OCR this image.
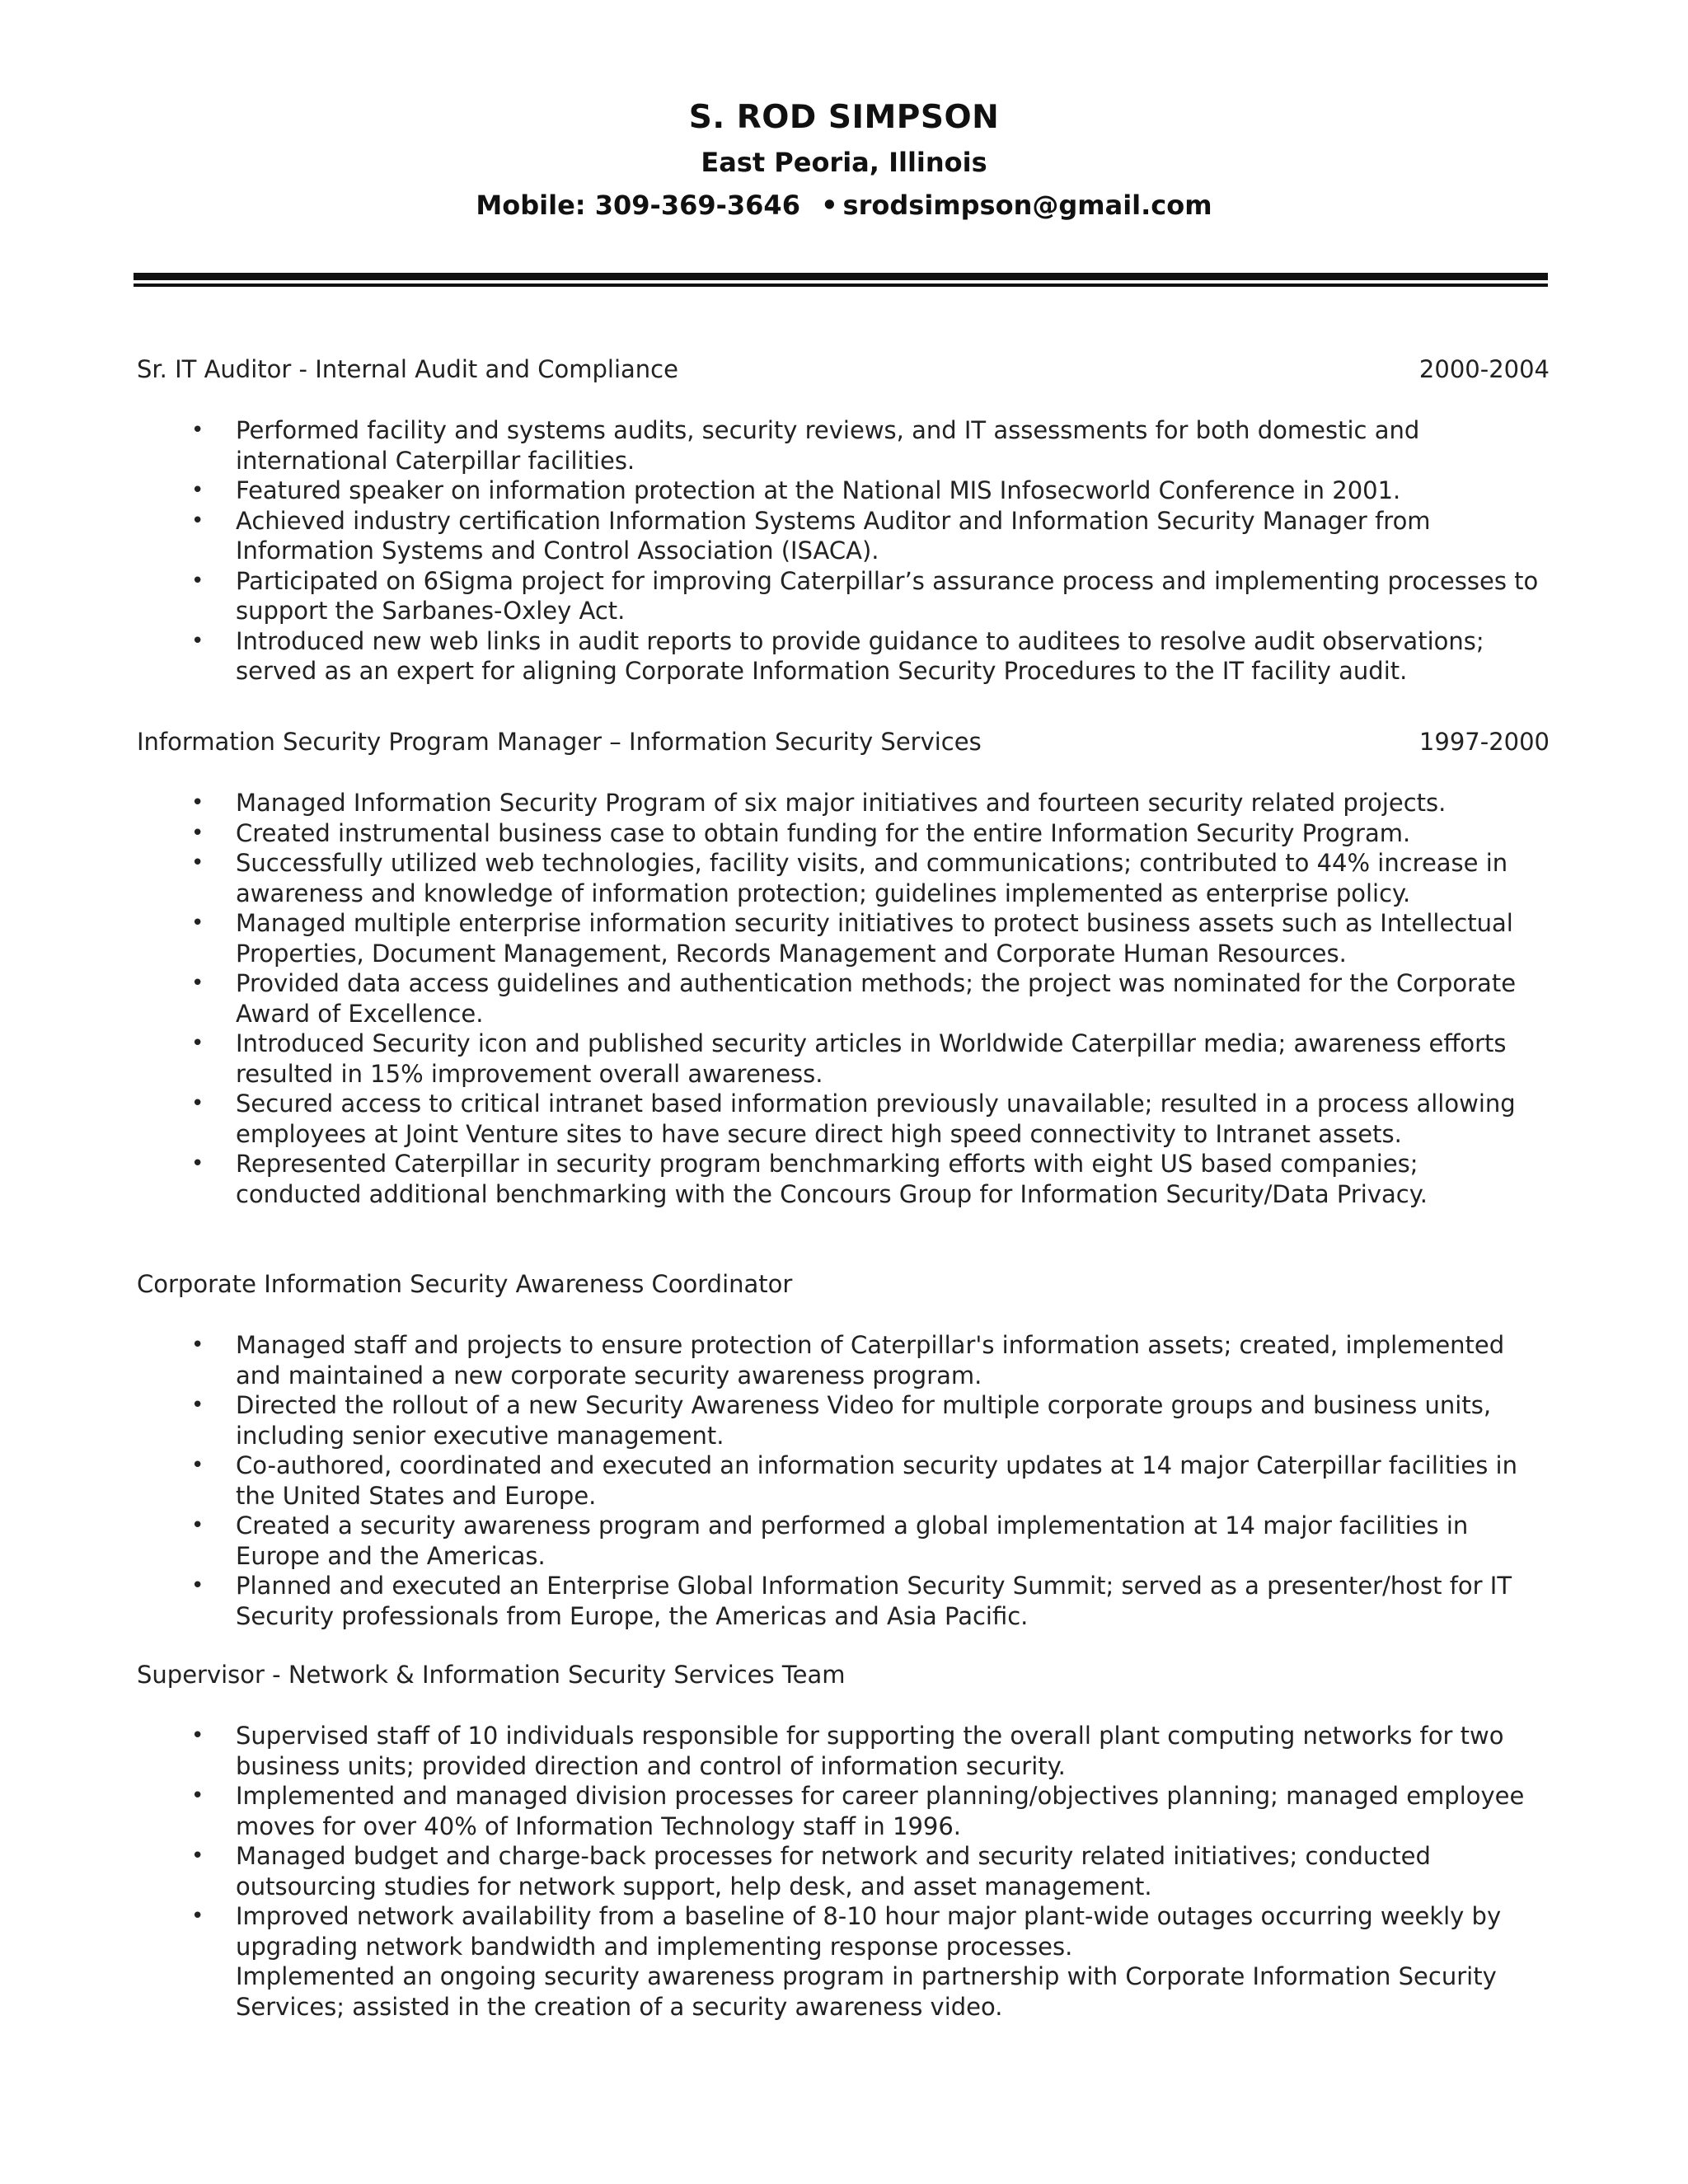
S. ROD SIMPSON
East Peoria, Illinois
Mobile: 309-369-3646 • srodsimpson@gmail.com
Sr. IT Auditor - Internal Audit and Compliance	2000-2004
• Performed facility and systems audits, security reviews, and IT assessments for both domestic and international Caterpillar facilities.
• Featured speaker on information protection at the National MIS Infosecworld Conference in 2001.
• Achieved industry certification Information Systems Auditor and Information Security Manager from Information Systems and Control Association (ISACA).
• Participated on 6Sigma project for improving Caterpillar’s assurance process and implementing processes to support the Sarbanes-Oxley Act.
• Introduced new web links in audit reports to provide guidance to auditees to resolve audit observations; served as an expert for aligning Corporate Information Security Procedures to the IT facility audit.
Information Security Program Manager – Information Security Services	1997-2000
• Managed Information Security Program of six major initiatives and fourteen security related projects.
• Created instrumental business case to obtain funding for the entire Information Security Program.
• Successfully utilized web technologies, facility visits, and communications; contributed to 44% increase in awareness and knowledge of information protection; guidelines implemented as enterprise policy.
• Managed multiple enterprise information security initiatives to protect business assets such as Intellectual Properties, Document Management, Records Management and Corporate Human Resources.
• Provided data access guidelines and authentication methods; the project was nominated for the Corporate Award of Excellence.
• Introduced Security icon and published security articles in Worldwide Caterpillar media; awareness efforts resulted in 15% improvement overall awareness.
• Secured access to critical intranet based information previously unavailable; resulted in a process allowing employees at Joint Venture sites to have secure direct high speed connectivity to Intranet assets.
• Represented Caterpillar in security program benchmarking efforts with eight US based companies; conducted additional benchmarking with the Concours Group for Information Security/Data Privacy.
Corporate Information Security Awareness Coordinator
• Managed staff and projects to ensure protection of Caterpillar's information assets; created, implemented and maintained a new corporate security awareness program.
• Directed the rollout of a new Security Awareness Video for multiple corporate groups and business units, including senior executive management.
• Co-authored, coordinated and executed an information security updates at 14 major Caterpillar facilities in the United States and Europe.
• Created a security awareness program and performed a global implementation at 14 major facilities in Europe and the Americas.
• Planned and executed an Enterprise Global Information Security Summit; served as a presenter/host for IT Security professionals from Europe, the Americas and Asia Pacific.
Supervisor - Network & Information Security Services Team
• Supervised staff of 10 individuals responsible for supporting the overall plant computing networks for two business units; provided direction and control of information security.
• Implemented and managed division processes for career planning/objectives planning; managed employee moves for over 40% of Information Technology staff in 1996.
• Managed budget and charge-back processes for network and security related initiatives; conducted outsourcing studies for network support, help desk, and asset management.
• Improved network availability from a baseline of 8-10 hour major plant-wide outages occurring weekly by upgrading network bandwidth and implementing response processes.
Implemented an ongoing security awareness program in partnership with Corporate Information Security Services; assisted in the creation of a security awareness video.
